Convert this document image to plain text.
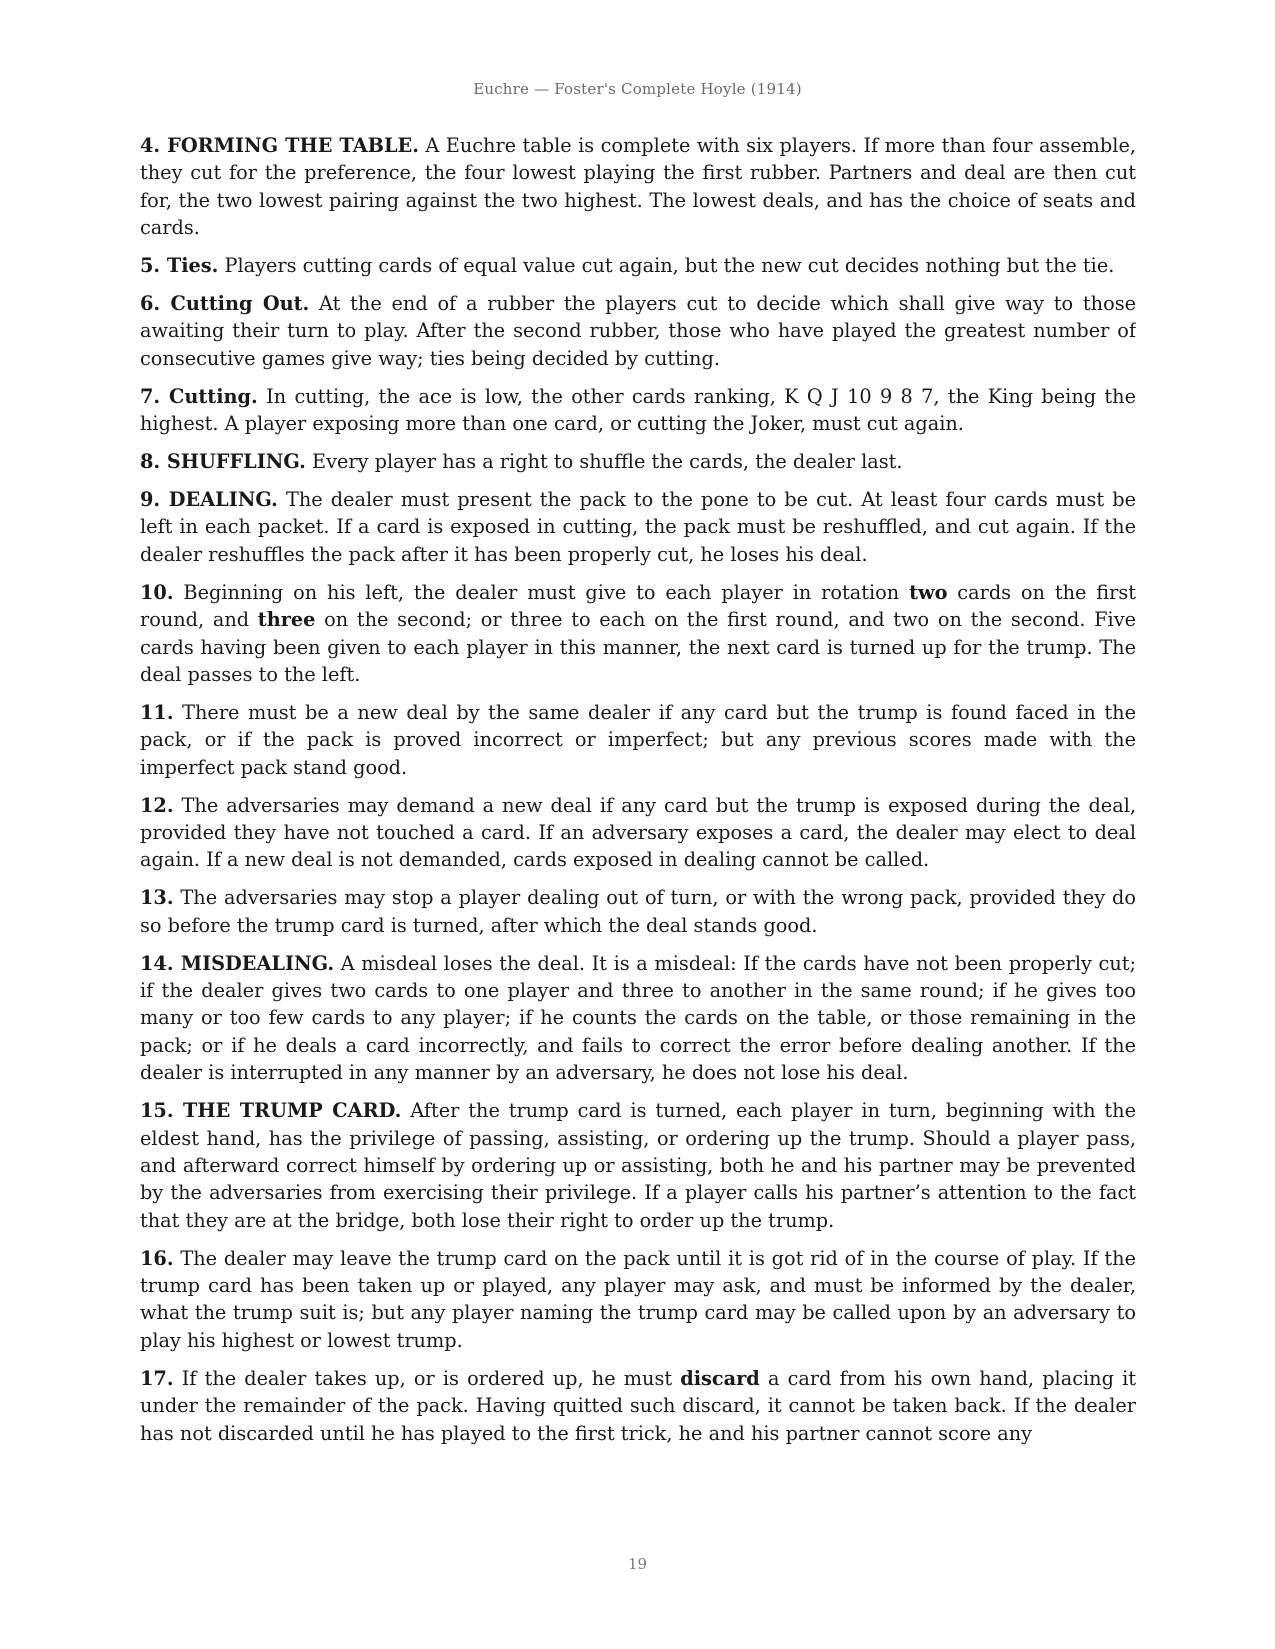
Euchre — Foster's Complete Hoyle (1914)

4. FORMING THE TABLE. A Euchre table is complete with six players. If more than four assemble, they cut for the preference, the four lowest playing the first rubber. Partners and deal are then cut for, the two lowest pairing against the two highest. The lowest deals, and has the choice of seats and cards.

5. Ties. Players cutting cards of equal value cut again, but the new cut decides nothing but the tie.

6. Cutting Out. At the end of a rubber the players cut to decide which shall give way to those awaiting their turn to play. After the second rubber, those who have played the greatest number of consecutive games give way; ties being decided by cutting.

7. Cutting. In cutting, the ace is low, the other cards ranking, K Q J 10 9 8 7, the King being the highest. A player exposing more than one card, or cutting the Joker, must cut again.

8. SHUFFLING. Every player has a right to shuffle the cards, the dealer last.

9. DEALING. The dealer must present the pack to the pone to be cut. At least four cards must be left in each packet. If a card is exposed in cutting, the pack must be reshuffled, and cut again. If the dealer reshuffles the pack after it has been properly cut, he loses his deal.

10. Beginning on his left, the dealer must give to each player in rotation two cards on the first round, and three on the second; or three to each on the first round, and two on the second. Five cards having been given to each player in this manner, the next card is turned up for the trump. The deal passes to the left.

11. There must be a new deal by the same dealer if any card but the trump is found faced in the pack, or if the pack is proved incorrect or imperfect; but any previous scores made with the imperfect pack stand good.

12. The adversaries may demand a new deal if any card but the trump is exposed during the deal, provided they have not touched a card. If an adversary exposes a card, the dealer may elect to deal again. If a new deal is not demanded, cards exposed in dealing cannot be called.

13. The adversaries may stop a player dealing out of turn, or with the wrong pack, provided they do so before the trump card is turned, after which the deal stands good.

14. MISDEALING. A misdeal loses the deal. It is a misdeal: If the cards have not been properly cut; if the dealer gives two cards to one player and three to another in the same round; if he gives too many or too few cards to any player; if he counts the cards on the table, or those remaining in the pack; or if he deals a card incorrectly, and fails to correct the error before dealing another. If the dealer is interrupted in any manner by an adversary, he does not lose his deal.

15. THE TRUMP CARD. After the trump card is turned, each player in turn, beginning with the eldest hand, has the privilege of passing, assisting, or ordering up the trump. Should a player pass, and afterward correct himself by ordering up or assisting, both he and his partner may be prevented by the adversaries from exercising their privilege. If a player calls his partner’s attention to the fact that they are at the bridge, both lose their right to order up the trump.

16. The dealer may leave the trump card on the pack until it is got rid of in the course of play. If the trump card has been taken up or played, any player may ask, and must be informed by the dealer, what the trump suit is; but any player naming the trump card may be called upon by an adversary to play his highest or lowest trump.

17. If the dealer takes up, or is ordered up, he must discard a card from his own hand, placing it under the remainder of the pack. Having quitted such discard, it cannot be taken back. If the dealer has not discarded until he has played to the first trick, he and his partner cannot score any

19
